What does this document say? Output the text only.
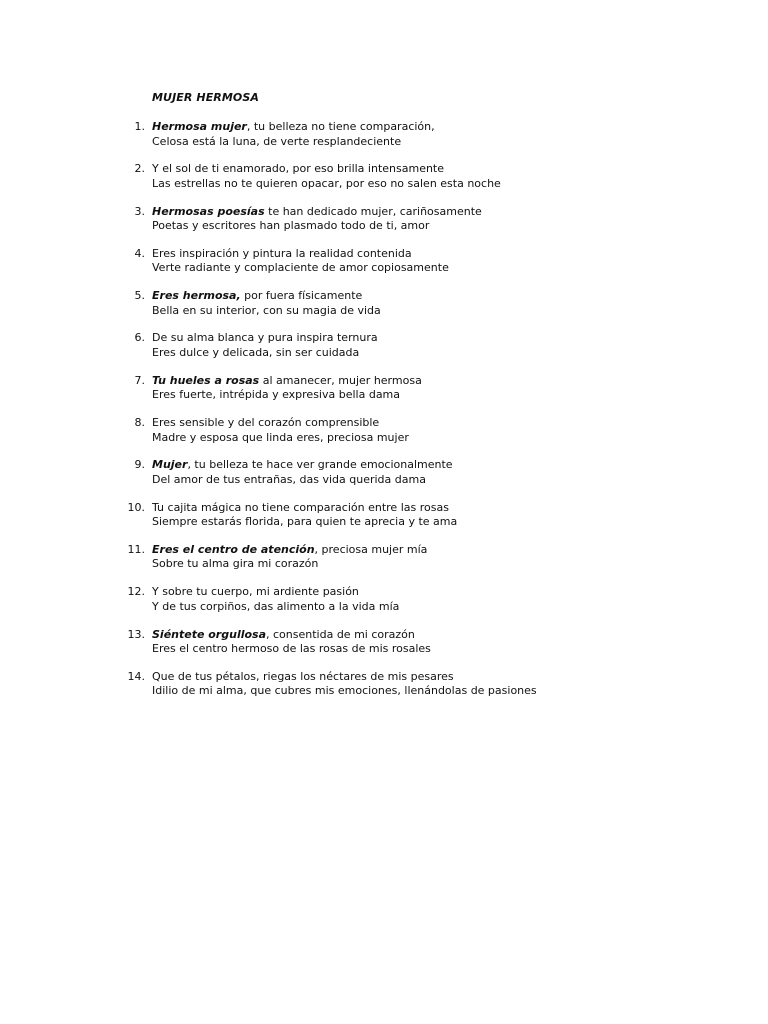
MUJER HERMOSA
1. Hermosa mujer, tu belleza no tiene comparación,
Celosa está la luna, de verte resplandeciente
2. Y el sol de ti enamorado, por eso brilla intensamente
Las estrellas no te quieren opacar, por eso no salen esta noche
3. Hermosas poesías te han dedicado mujer, cariñosamente
Poetas y escritores han plasmado todo de ti, amor
4. Eres inspiración y pintura la realidad contenida
Verte radiante y complaciente de amor copiosamente
5. Eres hermosa, por fuera físicamente
Bella en su interior, con su magia de vida
6. De su alma blanca y pura inspira ternura
Eres dulce y delicada, sin ser cuidada
7. Tu hueles a rosas al amanecer, mujer hermosa
Eres fuerte, intrépida y expresiva bella dama
8. Eres sensible y del corazón comprensible
Madre y esposa que linda eres, preciosa mujer
9. Mujer, tu belleza te hace ver grande emocionalmente
Del amor de tus entrañas, das vida querida dama
10. Tu cajita mágica no tiene comparación entre las rosas
Siempre estarás florida, para quien te aprecia y te ama
11. Eres el centro de atención, preciosa mujer mía
Sobre tu alma gira mi corazón
12. Y sobre tu cuerpo, mi ardiente pasión
Y de tus corpiños, das alimento a la vida mía
13. Siéntete orgullosa, consentida de mi corazón
Eres el centro hermoso de las rosas de mis rosales
14. Que de tus pétalos, riegas los néctares de mis pesares
Idilio de mi alma, que cubres mis emociones, llenándolas de pasiones
